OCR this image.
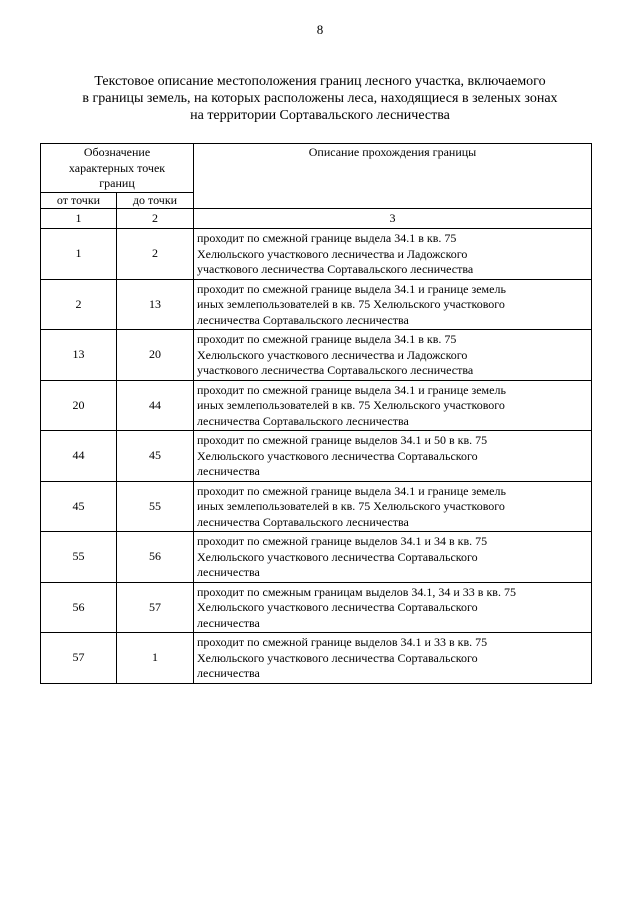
8
Текстовое описание местоположения границ лесного участка, включаемого
в границы земель, на которых расположены леса, находящиеся в зеленых зонах
на территории Сортавальского лесничества
Обозначение
характерных точек
границ		Описание прохождения границы
от точки	до точки	
1	2	3
1	2	проходит по смежной границе выдела 34.1 в кв. 75
Хелюльского участкового лесничества и Ладожского
участкового лесничества Сортавальского лесничества

2	13	проходит по смежной границе выдела 34.1 и границе земель
иных землепользователей в кв. 75 Хелюльского участкового
лесничества Сортавальского лесничества

13	20	проходит по смежной границе выдела 34.1 в кв. 75
Хелюльского участкового лесничества и Ладожского
участкового лесничества Сортавальского лесничества

20	44	проходит по смежной границе выдела 34.1 и границе земель
иных землепользователей в кв. 75 Хелюльского участкового
лесничества Сортавальского лесничества

44	45	проходит по смежной границе выделов 34.1 и 50 в кв. 75
Хелюльского участкового лесничества Сортавальского
лесничества

45	55	проходит по смежной границе выдела 34.1 и границе земель
иных землепользователей в кв. 75 Хелюльского участкового
лесничества Сортавальского лесничества

55	56	проходит по смежной границе выделов 34.1 и 34 в кв. 75
Хелюльского участкового лесничества Сортавальского
лесничества

56	57	проходит по смежным границам выделов 34.1, 34 и 33 в кв. 75
Хелюльского участкового лесничества Сортавальского
лесничества

57	1	проходит по смежной границе выделов 34.1 и 33 в кв. 75
Хелюльского участкового лесничества Сортавальского
лесничества
